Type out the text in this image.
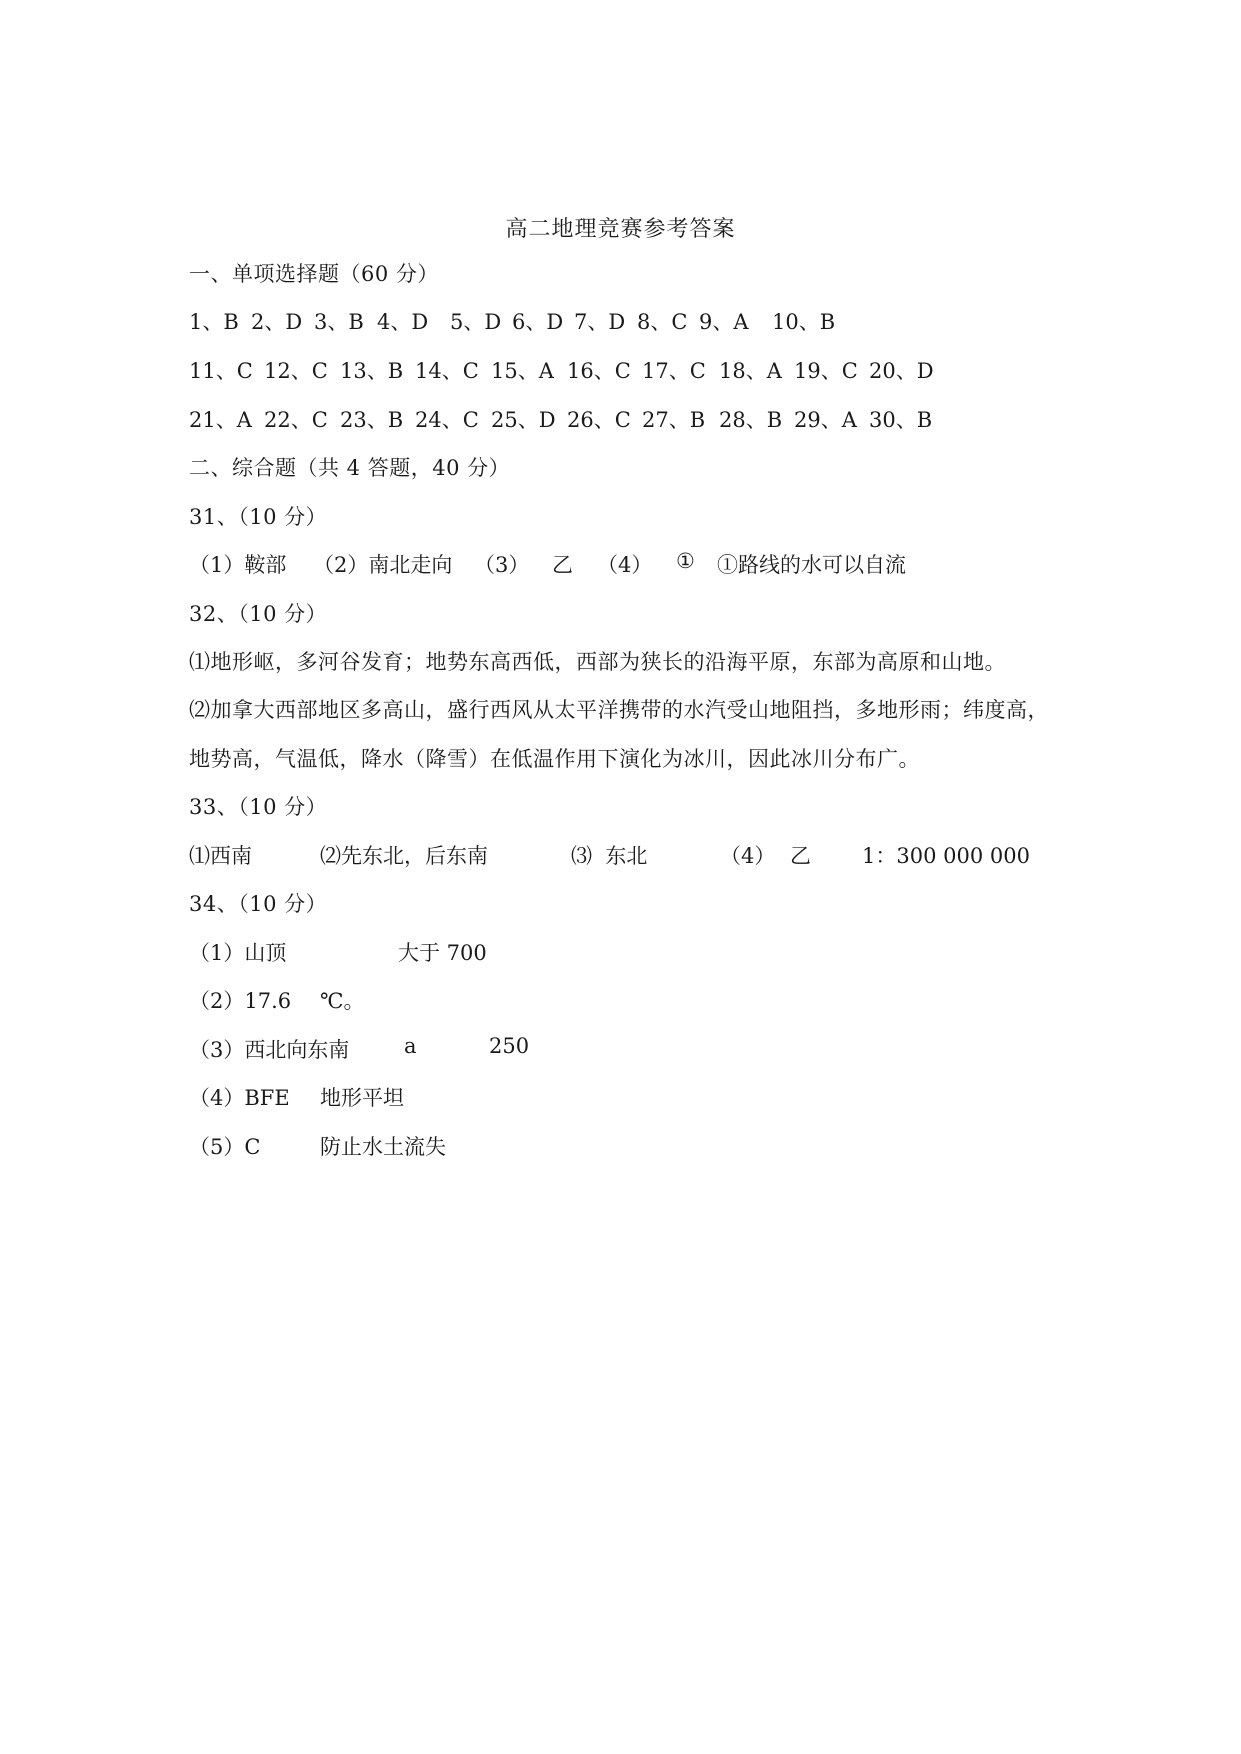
高二地理竞赛参考答案
一、单项选择题（60 分）

1、B

2、D

3、B

4、D

5、D

6、D

7、D

8、C

9、A

10、B

11、C

12、C

13、B

14、C

15、A

16、C

17、C

18、A

19、C

20、D

21、A

22、C

23、B

24、C

25、D

26、C

27、B

28、B

29、A

30、B

二、综合题（共 4 答题，40 分）
31、（10 分）

（1）鞍部

（2）南北走向

（3）

乙

（4）

①

①路线的水可以自流

32、（10 分）
⑴地形岖，多河谷发育；地势东高西低，西部为狭长的沿海平原，东部为高原和山地。
⑵加拿大西部地区多高山，盛行西风从太平洋携带的水汽受山地阻挡，多地形雨；纬度高，
地势高，气温低，降水（降雪）在低温作用下演化为冰川，因此冰川分布广。
33、（10 分）

⑴西南

	⑵先东北，后东南

	⑶  东北

	（4）

乙

1：300 000 000

34、（10 分）

（1）山顶

	大于 700

（2）17.6

℃。

（3）西北向东南

	a

	250

（4）BFE

地形平坦

（5）C

	防止水土流失
